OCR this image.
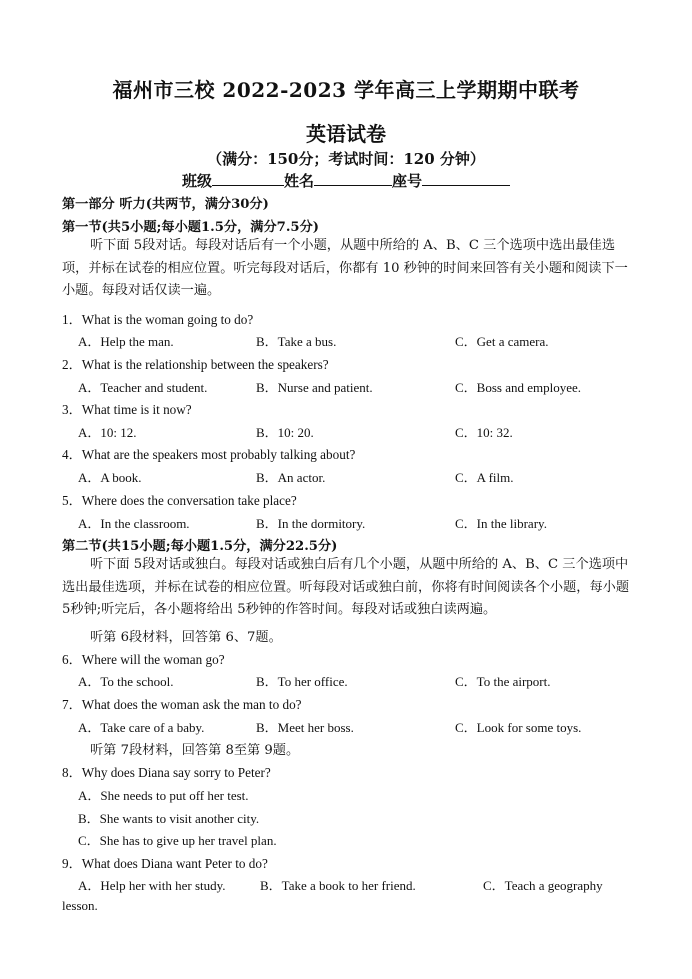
福州市三校 2022-2023 学年高三上学期期中联考
英语试卷
（满分：150分；考试时间：120 分钟）
班级	姓名	座号
第一部分 听力(共两节，满分30分)
第一节(共5小题;每小题1.5分，满分7.5分)
听下面 5段对话。每段对话后有一个小题，从题中所给的 A、B、C 三个选项中选出最佳选项，并标在试卷的相应位置。听完每段对话后，你都有 10 秒钟的时间来回答有关小题和阅读下一小题。每段对话仅读一遍。
1．What is the woman going to do?
A．Help the man.	B．Take a bus.	C．Get a camera.
2．What is the relationship between the speakers?
A．Teacher and student.	B．Nurse and patient.	C．Boss and employee.
3．What time is it now?
A．10: 12.	B．10: 20.	C．10: 32.
4．What are the speakers most probably talking about?
A．A book.	B．An actor.	C．A film.
5．Where does the conversation take place?
A．In the classroom.	B．In the dormitory.	C．In the library.
第二节(共15小题;每小题1.5分，满分22.5分)
听下面 5段对话或独白。每段对话或独白后有几个小题，从题中所给的 A、B、C 三个选项中选出最佳选项，并标在试卷的相应位置。听每段对话或独白前，你将有时间阅读各个小题，每小题 5秒钟;听完后，各小题将给出 5秒钟的作答时间。每段对话或独白读两遍。
听第 6段材料，回答第 6、7题。
6．Where will the woman go?
A．To the school.	B．To her office.	C．To the airport.
7．What does the woman ask the man to do?
A．Take care of a baby.	B．Meet her boss.	C．Look for some toys.
听第 7段材料，回答第 8至第 9题。
8．Why does Diana say sorry to Peter?
A．She needs to put off her test.
B．She wants to visit another city.
C．She has to give up her travel plan.
9．What does Diana want Peter to do?
A．Help her with her study.	B．Take a book to her friend.	C．Teach a geography
lesson.
